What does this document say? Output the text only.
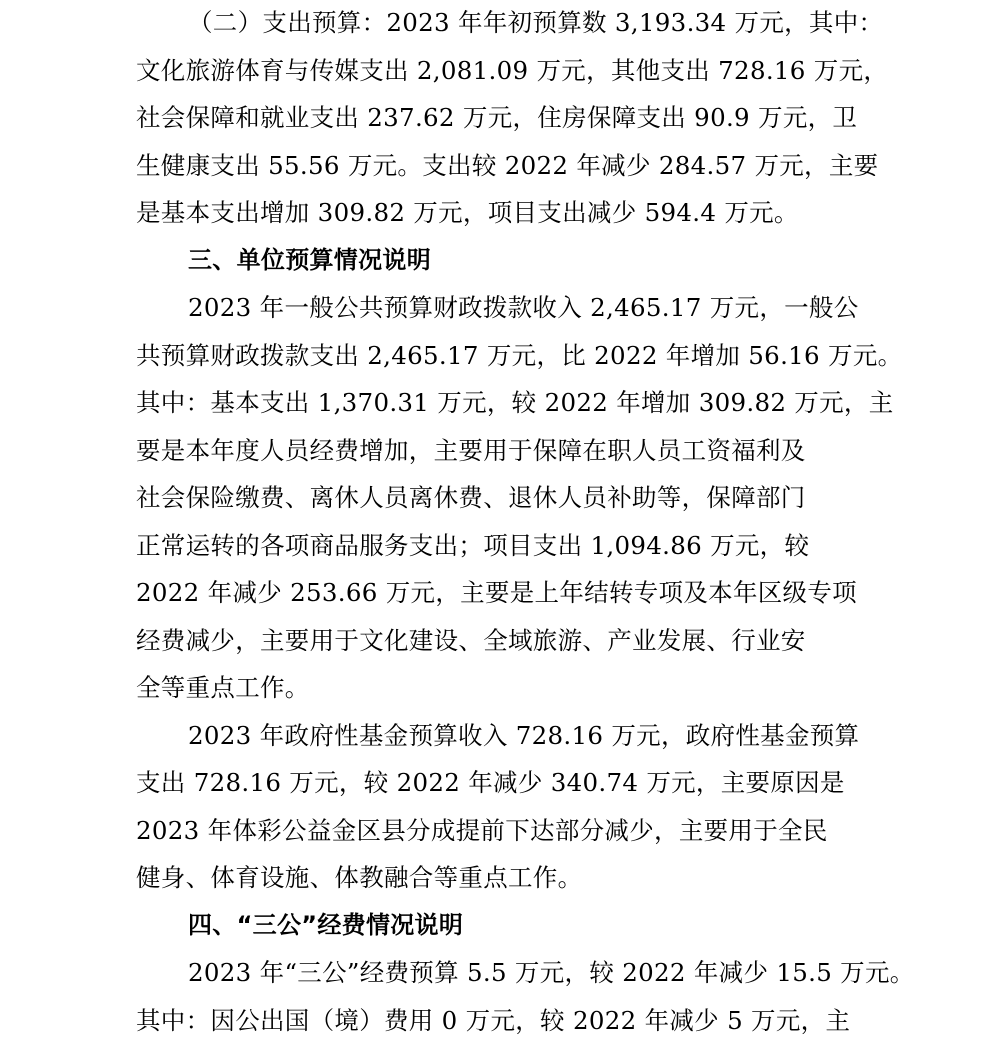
（二）支出预算：2023 年年初预算数 3,193.34 万元，其中：
文化旅游体育与传媒支出 2,081.09 万元，其他支出 728.16 万元，
社会保障和就业支出 237.62 万元，住房保障支出 90.9 万元，卫
生健康支出 55.56 万元。支出较 2022 年减少 284.57 万元，主要
是基本支出增加 309.82 万元，项目支出减少 594.4 万元。
三、单位预算情况说明
2023 年一般公共预算财政拨款收入 2,465.17 万元，一般公
共预算财政拨款支出 2,465.17 万元，比 2022 年增加 56.16 万元。
其中：基本支出 1,370.31 万元，较 2022 年增加 309.82 万元，主
要是本年度人员经费增加，主要用于保障在职人员工资福利及
社会保险缴费、离休人员离休费、退休人员补助等，保障部门
正常运转的各项商品服务支出；项目支出 1,094.86 万元，较
2022 年减少 253.66 万元，主要是上年结转专项及本年区级专项
经费减少，主要用于文化建设、全域旅游、产业发展、行业安
全等重点工作。
2023 年政府性基金预算收入 728.16 万元，政府性基金预算
支出 728.16 万元，较 2022 年减少 340.74 万元，主要原因是
2023 年体彩公益金区县分成提前下达部分减少，主要用于全民
健身、体育设施、体教融合等重点工作。
四、“三公”经费情况说明
2023 年“三公”经费预算 5.5 万元，较 2022 年减少 15.5 万元。
其中：因公出国（境）费用 0 万元，较 2022 年减少 5 万元，主
